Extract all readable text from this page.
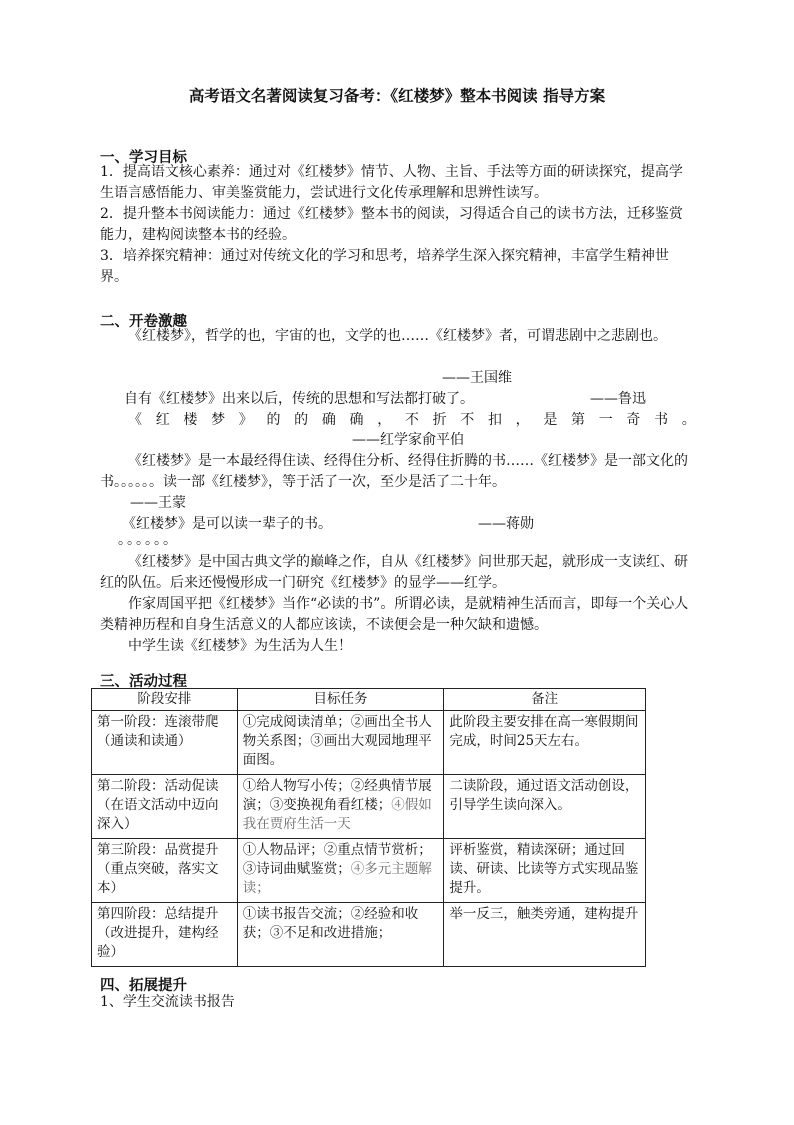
高考语文名著阅读复习备考：《红楼梦》整本书阅读 指导方案
一、学习目标
1．提高语文核心素养：通过对《红楼梦》情节、人物、主旨、手法等方面的研读探究，提高学生语言感悟能力、审美鉴赏能力，尝试进行文化传承理解和思辨性读写。
2．提升整本书阅读能力：通过《红楼梦》整本书的阅读，习得适合自己的读书方法，迁移鉴赏能力，建构阅读整本书的经验。
3．培养探究精神：通过对传统文化的学习和思考，培养学生深入探究精神，丰富学生精神世界。
二、开卷激趣
《红楼梦》，哲学的也，宇宙的也，文学的也……《红楼梦》者，可谓悲剧中之悲剧也。
——王国维
自有《红楼梦》出来以后，传统的思想和写法都打破了。	——鲁迅
《 红 楼 梦 》 的 的 确 确 ， 不 折 不 扣 ， 是 第 一 奇 书 。
——红学家俞平伯
《红楼梦》是一本最经得住读、经得住分析、经得住折腾的书……《红楼梦》是一部文化的书。。。。。。读一部《红楼梦》，等于活了一次，至少是活了二十年。
——王蒙
《红楼梦》是可以读一辈子的书。	——蒋勋
。。。。。。
《红楼梦》是中国古典文学的巅峰之作，自从《红楼梦》问世那天起，就形成一支读红、研红的队伍。后来还慢慢形成一门研究《红楼梦》的显学——红学。
作家周国平把《红楼梦》当作“必读的书”。所谓必读，是就精神生活而言，即每一个关心人类精神历程和自身生活意义的人都应该读，不读便会是一种欠缺和遗憾。
中学生读《红楼梦》为生活为人生！
三、活动过程
阶段安排	目标任务	备注
第一阶段：连滚带爬（通读和读通）	①完成阅读清单；②画出全书人物关系图；③画出大观园地理平面图。	此阶段主要安排在高一寒假期间完成，时间25天左右。
第二阶段：活动促读（在语文活动中迈向深入）	①给人物写小传；②经典情节展演；③变换视角看红楼；④假如我在贾府生活一天	二读阶段，通过语文活动创设，引导学生读向深入。
第三阶段：品赏提升（重点突破，落实文本）	①人物品评；②重点情节赏析；③诗词曲赋鉴赏；④多元主题解读；	评析鉴赏，精读深研；通过回读、研读、比读等方式实现品鉴提升。
第四阶段：总结提升（改进提升，建构经验）	①读书报告交流；②经验和收获；③不足和改进措施；	举一反三，触类旁通，建构提升
四、拓展提升
1、学生交流读书报告
